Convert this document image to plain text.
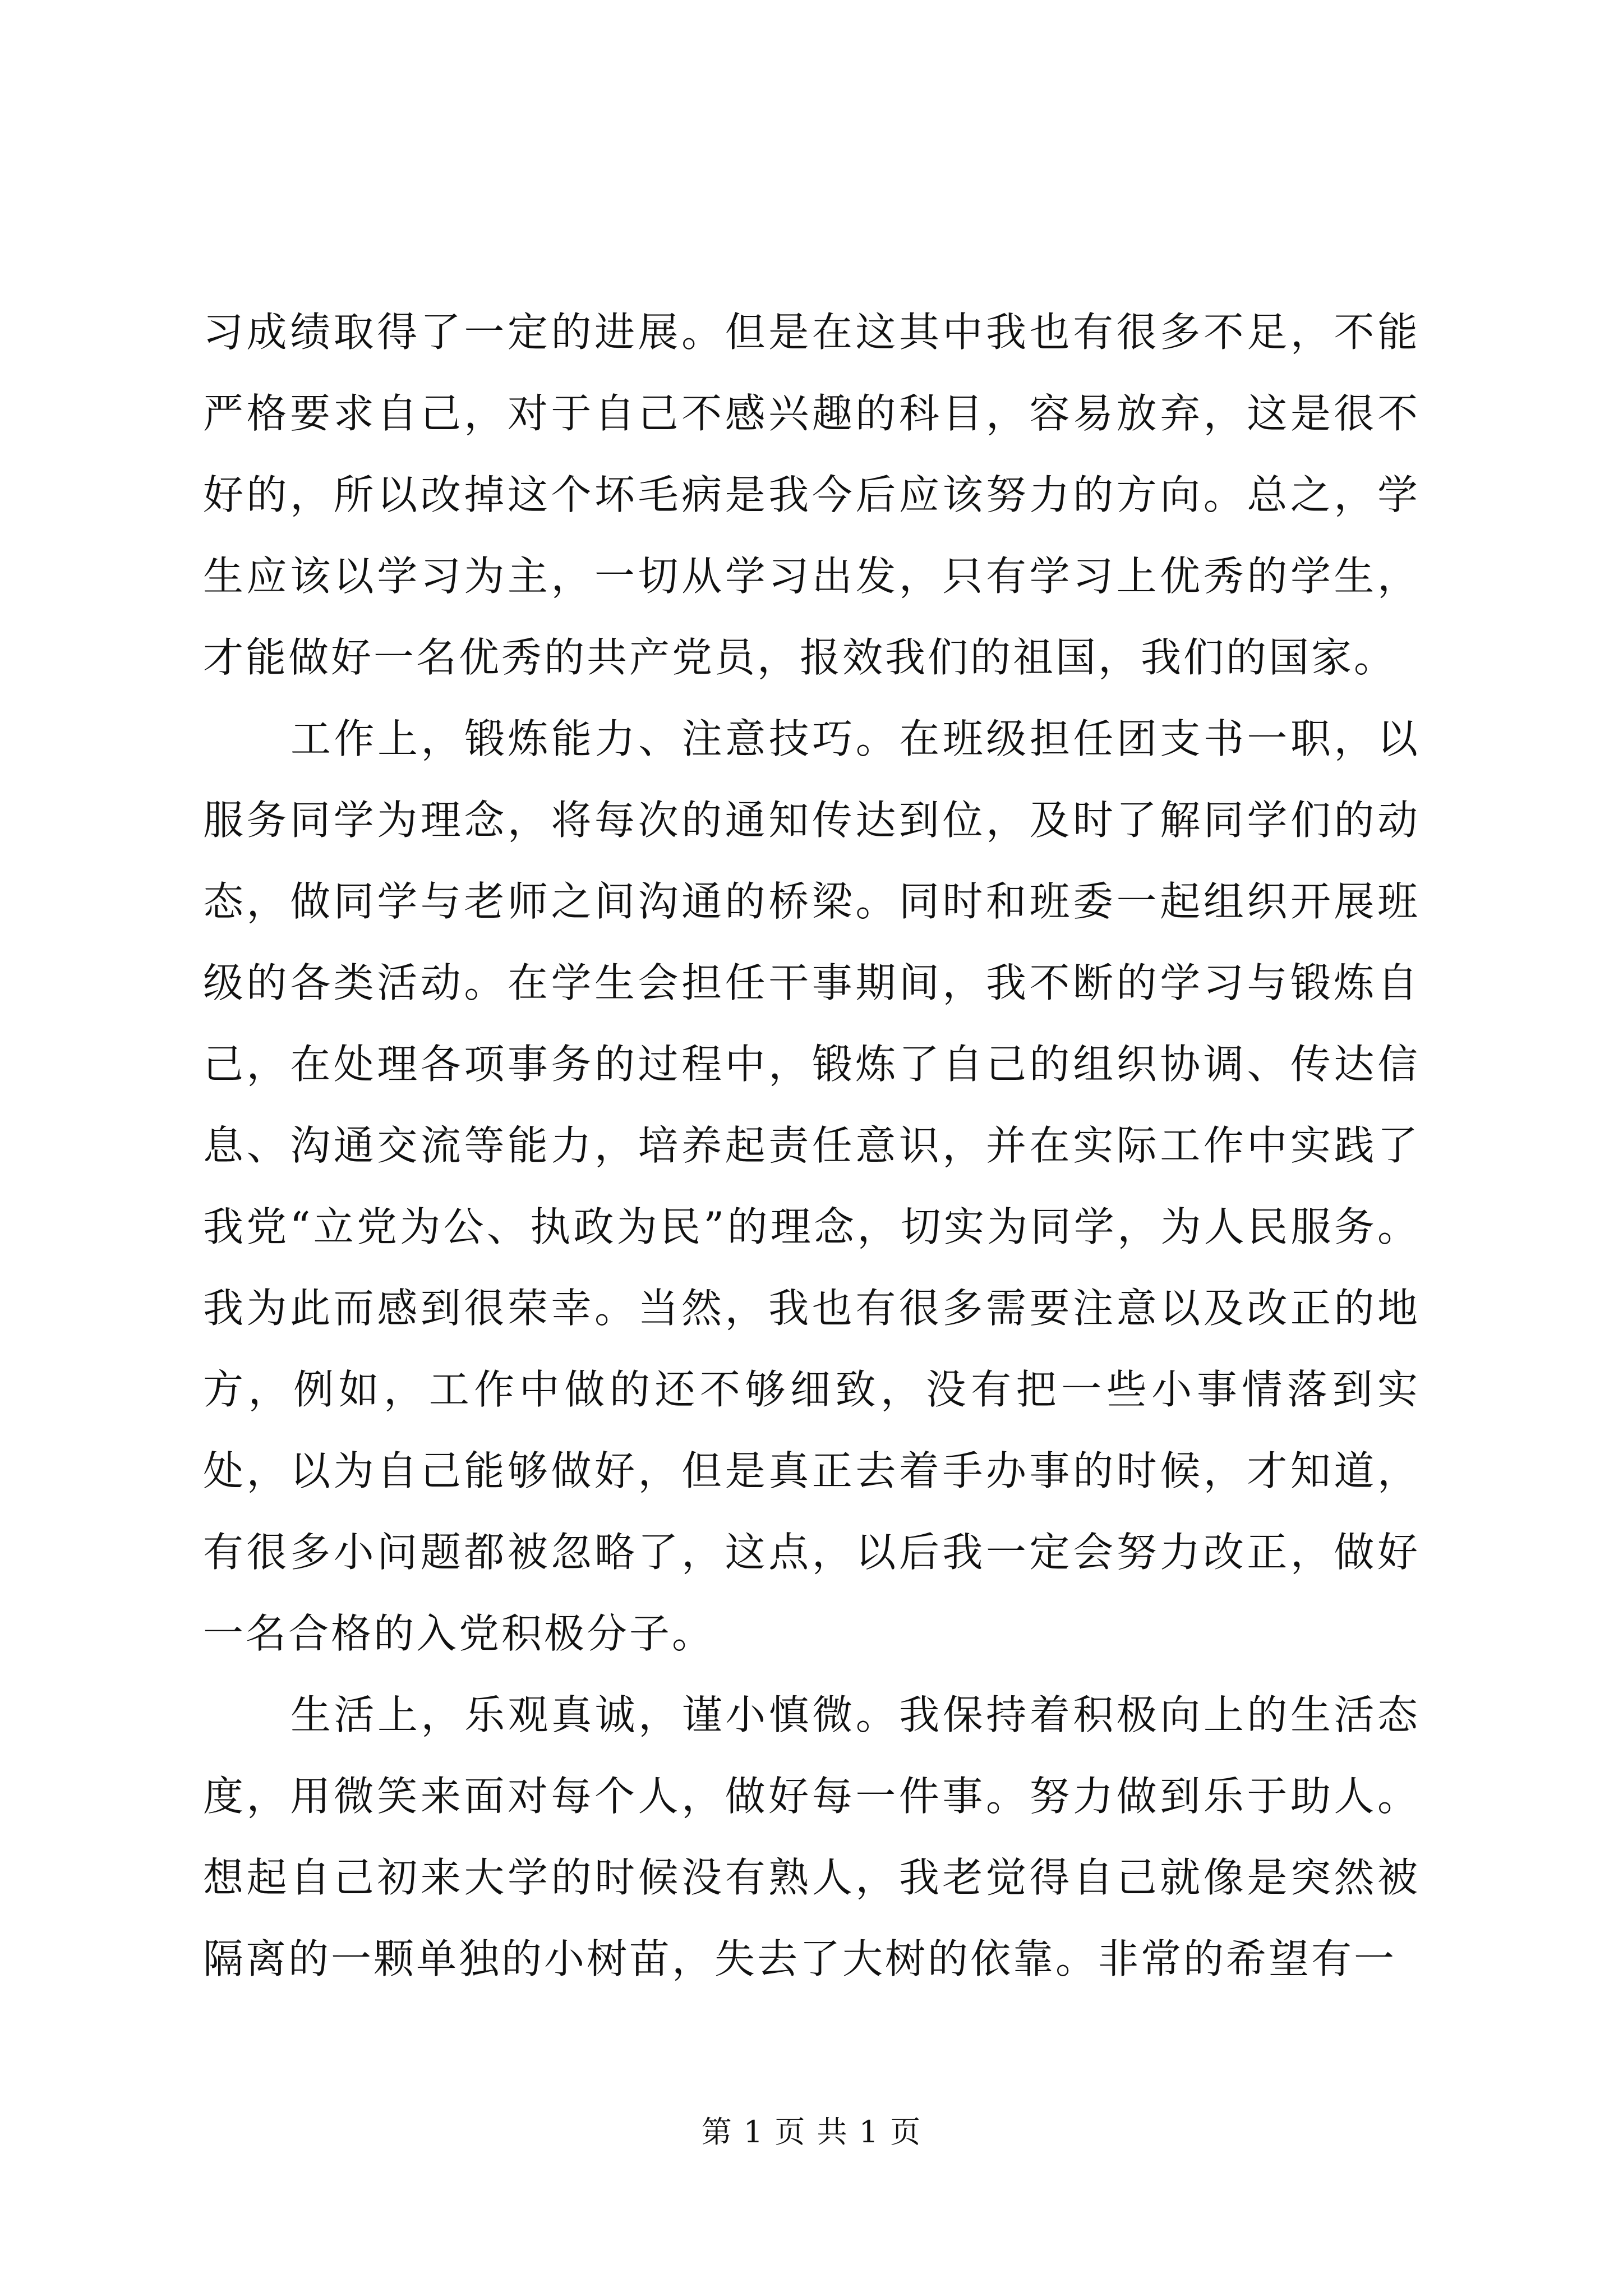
习成绩取得了一定的进展。但是在这其中我也有很多不足，不能严格要求自己，对于自己不感兴趣的科目，容易放弃，这是很不好的，所以改掉这个坏毛病是我今后应该努力的方向。总之，学生应该以学习为主，一切从学习出发，只有学习上优秀的学生，才能做好一名优秀的共产党员，报效我们的祖国，我们的国家。

工作上，锻炼能力、注意技巧。在班级担任团支书一职，以服务同学为理念，将每次的通知传达到位，及时了解同学们的动态，做同学与老师之间沟通的桥梁。同时和班委一起组织开展班级的各类活动。在学生会担任干事期间，我不断的学习与锻炼自己，在处理各项事务的过程中，锻炼了自己的组织协调、传达信息、沟通交流等能力，培养起责任意识，并在实际工作中实践了我党“立党为公、执政为民”的理念，切实为同学，为人民服务。我为此而感到很荣幸。当然，我也有很多需要注意以及改正的地方，例如，工作中做的还不够细致，没有把一些小事情落到实处，以为自己能够做好，但是真正去着手办事的时候，才知道，有很多小问题都被忽略了，这点，以后我一定会努力改正，做好一名合格的入党积极分子。

生活上，乐观真诚，谨小慎微。我保持着积极向上的生活态度，用微笑来面对每个人，做好每一件事。努力做到乐于助人。想起自己初来大学的时候没有熟人，我老觉得自己就像是突然被隔离的一颗单独的小树苗，失去了大树的依靠。非常的希望有一

第 1 页 共 1 页
